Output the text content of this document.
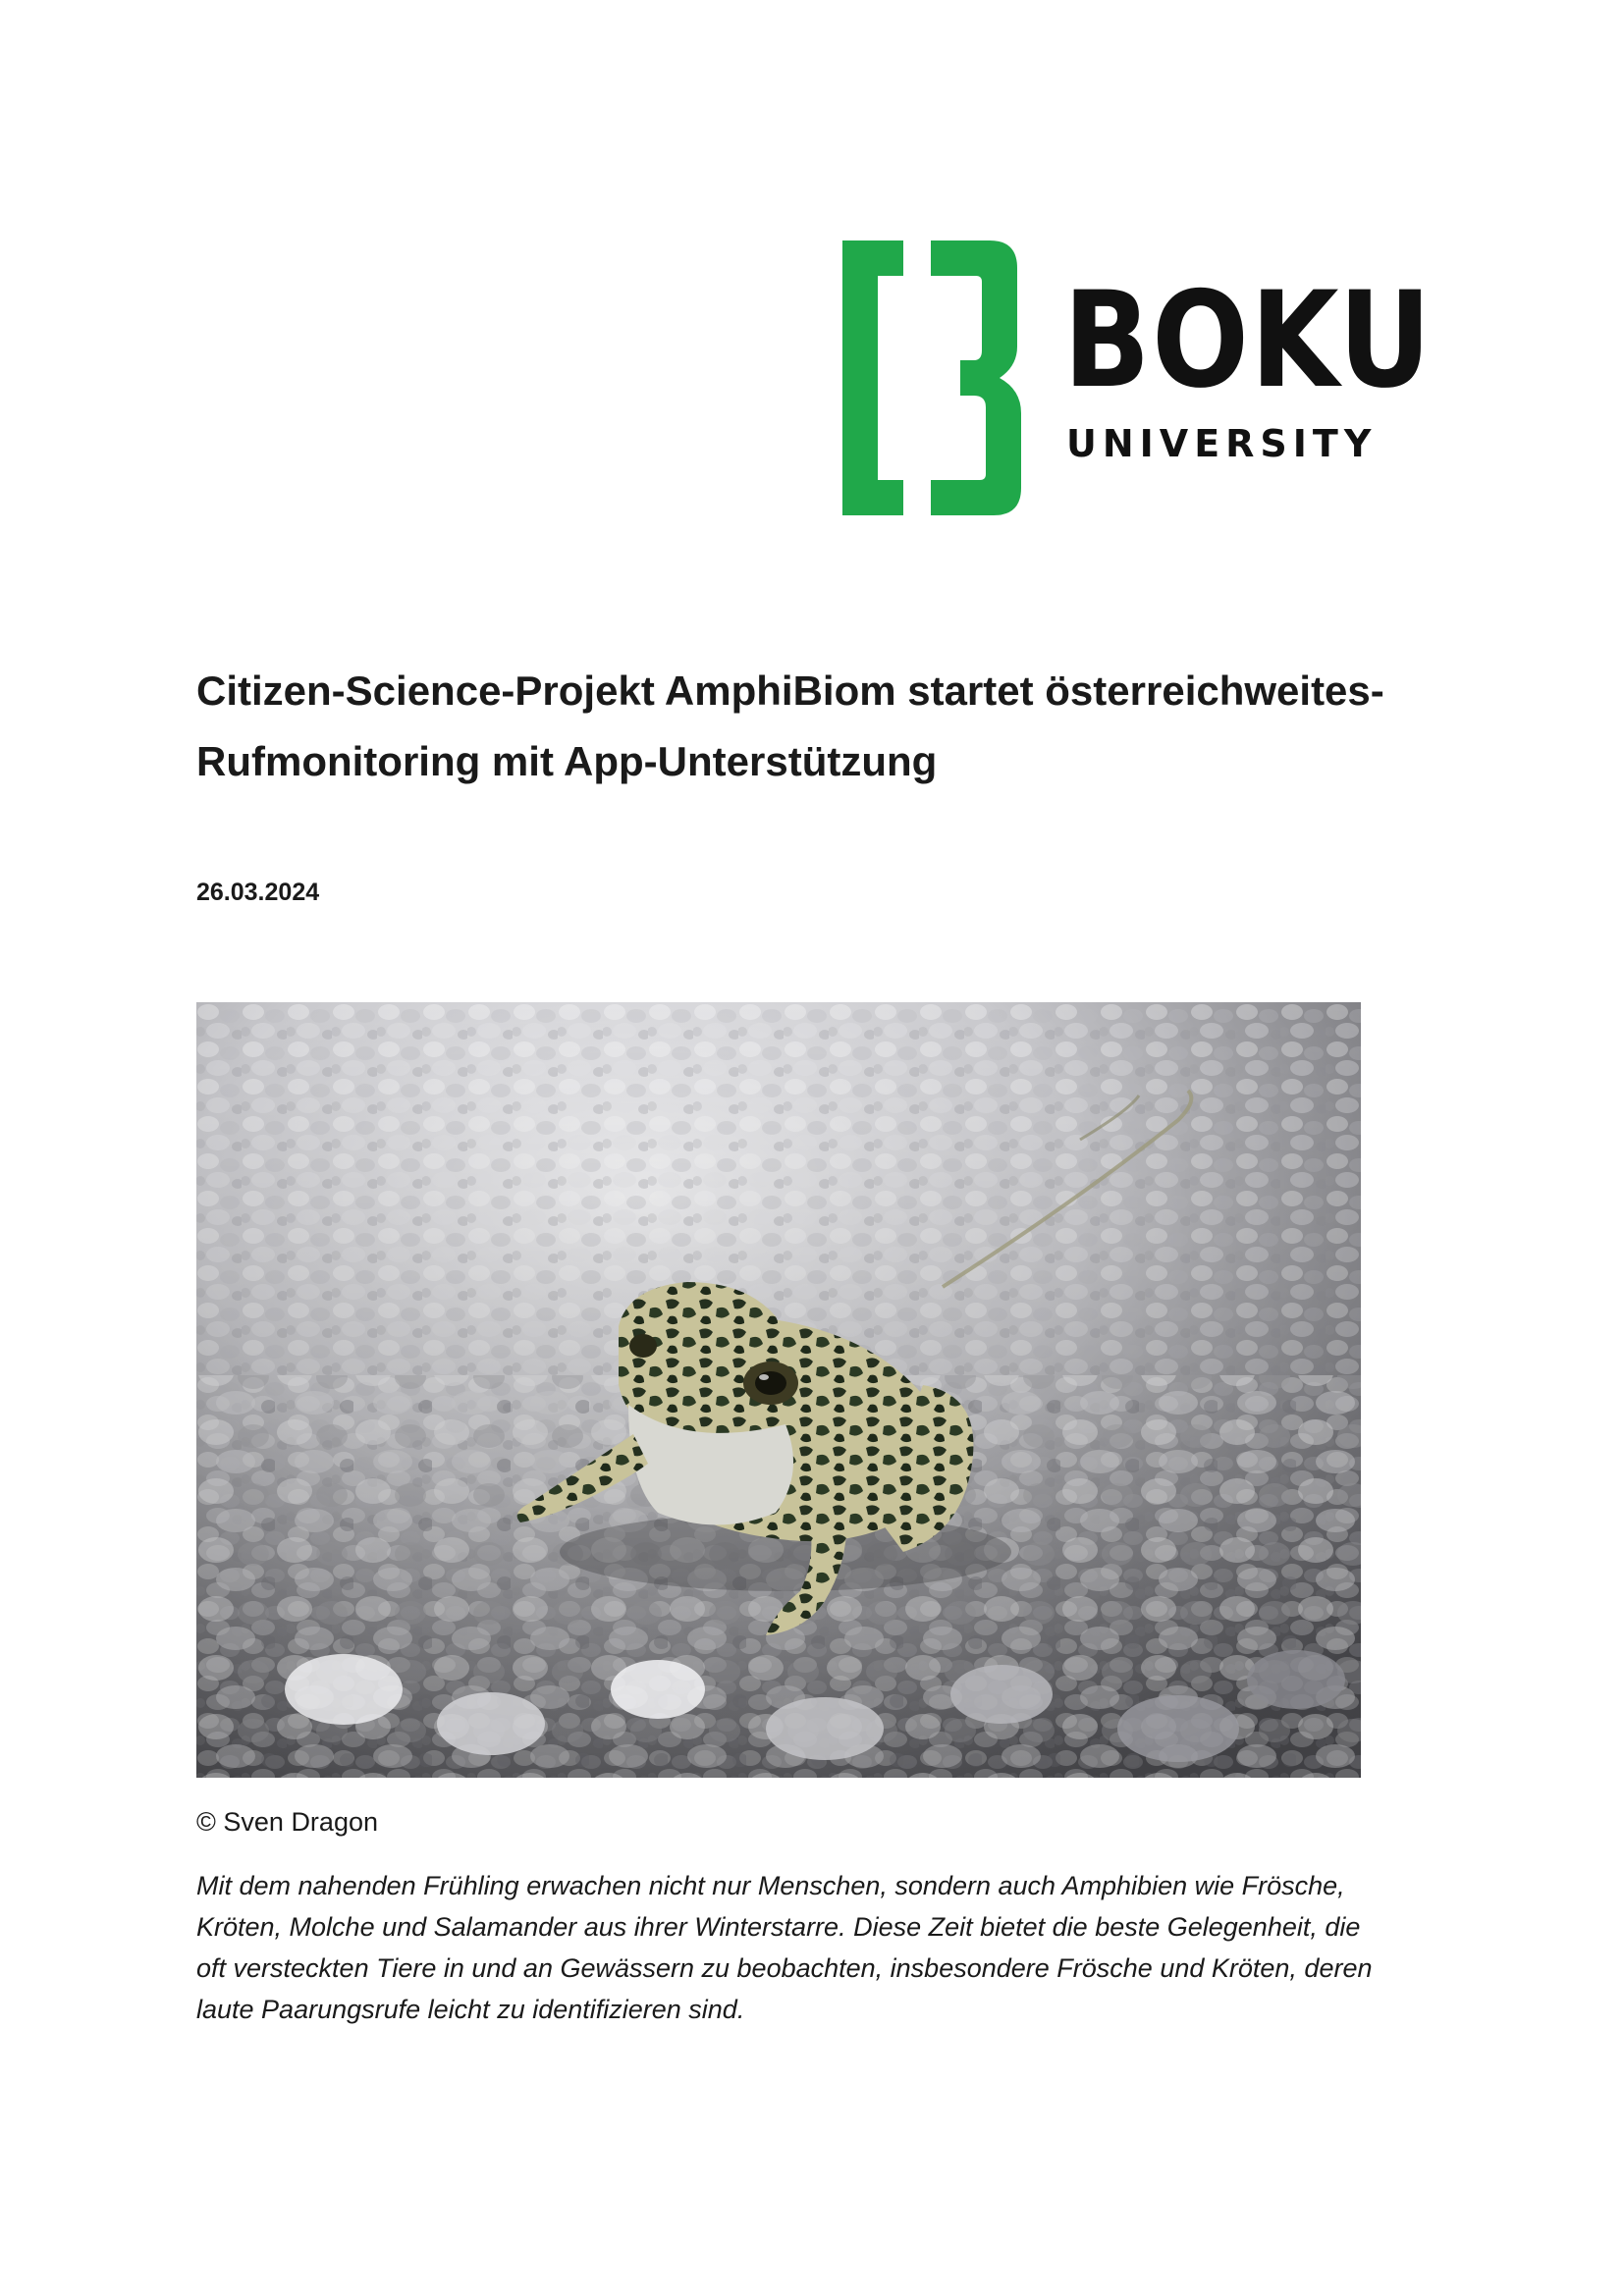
BOKU
UNIVERSITY
Citizen-Science-Projekt AmphiBiom startet österreichweites-
Rufmonitoring mit App-Unterstützung
26.03.2024
© Sven Dragon

Mit dem nahenden Frühling erwachen nicht nur Menschen, sondern auch Amphibien wie Frösche,
Kröten, Molche und Salamander aus ihrer Winterstarre. Diese Zeit bietet die beste Gelegenheit, die
oft versteckten Tiere in und an Gewässern zu beobachten, insbesondere Frösche und Kröten, deren
laute Paarungsrufe leicht zu identifizieren sind.
